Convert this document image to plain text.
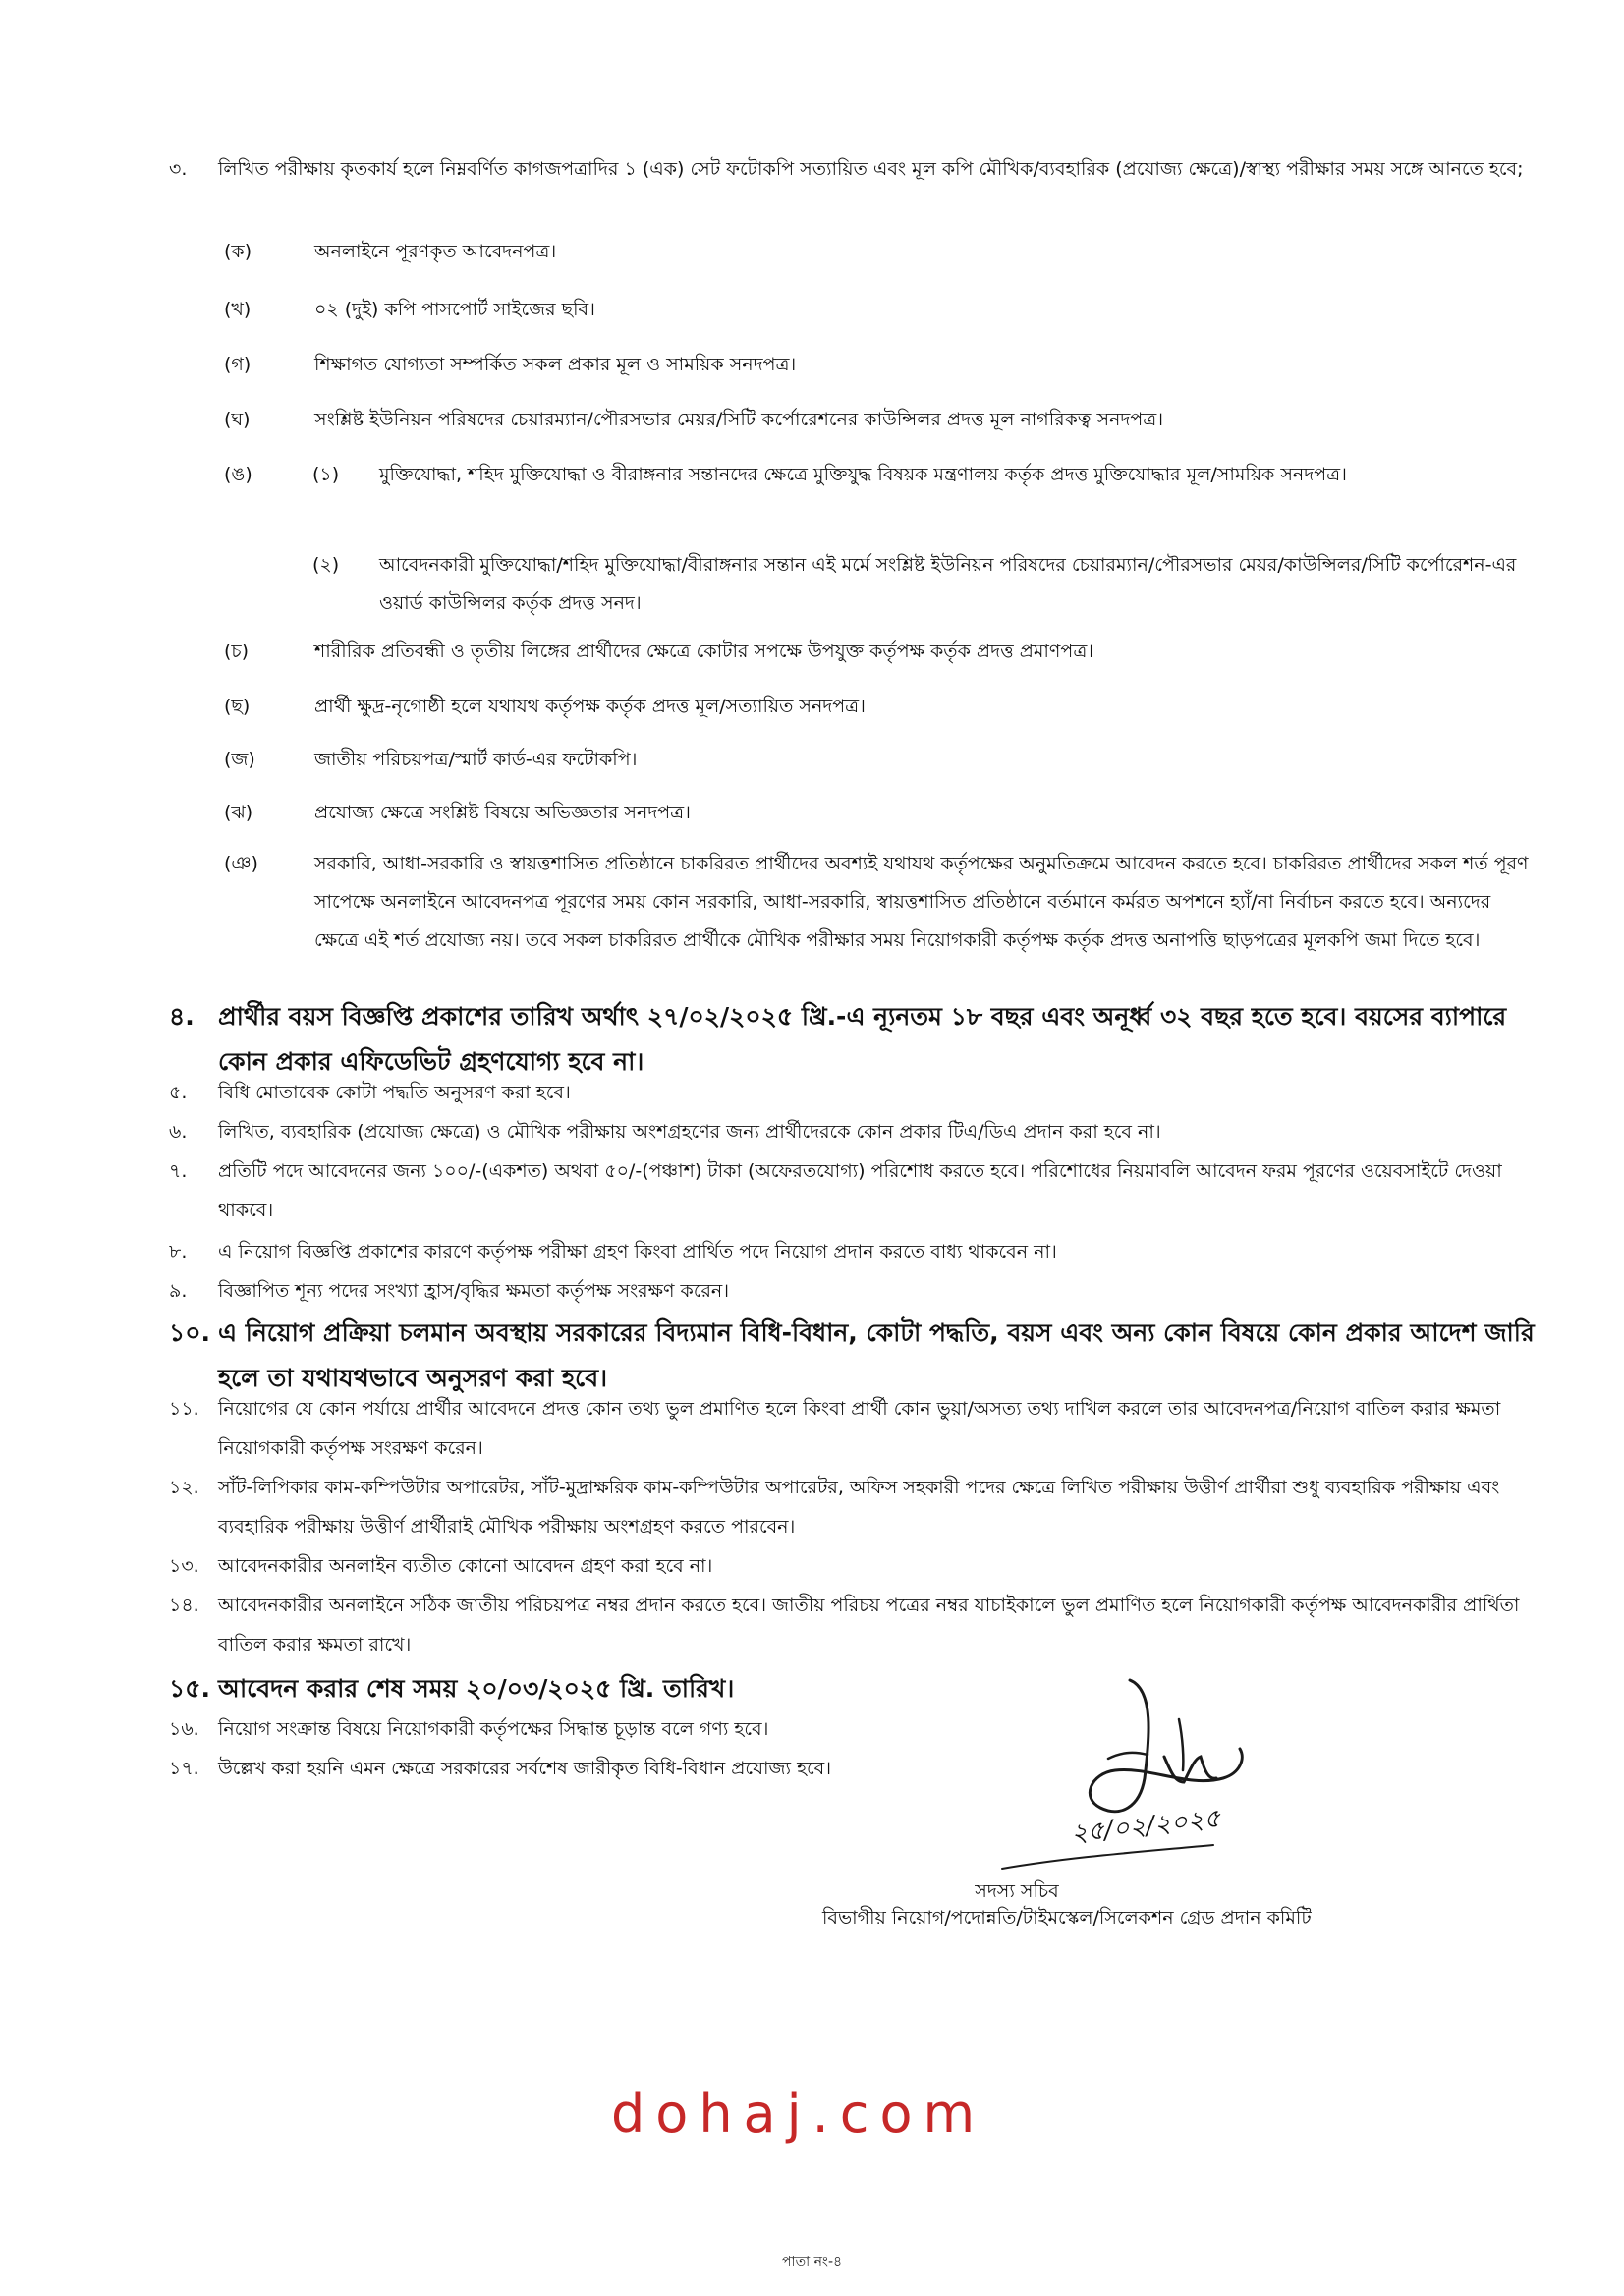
৩. লিখিত পরীক্ষায় কৃতকার্য হলে নিম্নবর্ণিত কাগজপত্রাদির ১ (এক) সেট ফটোকপি সত্যায়িত এবং মূল কপি মৌখিক/ব্যবহারিক (প্রযোজ্য ক্ষেত্রে)/স্বাস্থ্য পরীক্ষার সময় সঙ্গে আনতে হবে;
(ক)	অনলাইনে পূরণকৃত আবেদনপত্র।
(খ)	০২ (দুই) কপি পাসপোর্ট সাইজের ছবি।
(গ)	শিক্ষাগত যোগ্যতা সম্পর্কিত সকল প্রকার মূল ও সাময়িক সনদপত্র।
(ঘ)	সংশ্লিষ্ট ইউনিয়ন পরিষদের চেয়ারম্যান/পৌরসভার মেয়র/সিটি কর্পোরেশনের কাউন্সিলর প্রদত্ত মূল নাগরিকত্ব সনদপত্র।
(ঙ)	(১) মুক্তিযোদ্ধা, শহিদ মুক্তিযোদ্ধা ও বীরাঙ্গনার সন্তানদের ক্ষেত্রে মুক্তিযুদ্ধ বিষয়ক মন্ত্রণালয় কর্তৃক প্রদত্ত মুক্তিযোদ্ধার মূল/সাময়িক সনদপত্র।
(২) আবেদনকারী মুক্তিযোদ্ধা/শহিদ মুক্তিযোদ্ধা/বীরাঙ্গনার সন্তান এই মর্মে সংশ্লিষ্ট ইউনিয়ন পরিষদের চেয়ারম্যান/পৌরসভার মেয়র/কাউন্সিলর/সিটি কর্পোরেশন-এর ওয়ার্ড কাউন্সিলর কর্তৃক প্রদত্ত সনদ।
(চ)	শারীরিক প্রতিবন্ধী ও তৃতীয় লিঙ্গের প্রার্থীদের ক্ষেত্রে কোটার সপক্ষে উপযুক্ত কর্তৃপক্ষ কর্তৃক প্রদত্ত প্রমাণপত্র।
(ছ)	প্রার্থী ক্ষুদ্র-নৃগোষ্ঠী হলে যথাযথ কর্তৃপক্ষ কর্তৃক প্রদত্ত মূল/সত্যায়িত সনদপত্র।
(জ)	জাতীয় পরিচয়পত্র/স্মার্ট কার্ড-এর ফটোকপি।
(ঝ)	প্রযোজ্য ক্ষেত্রে সংশ্লিষ্ট বিষয়ে অভিজ্ঞতার সনদপত্র।
(ঞ)	সরকারি, আধা-সরকারি ও স্বায়ত্তশাসিত প্রতিষ্ঠানে চাকরিরত প্রার্থীদের অবশ্যই যথাযথ কর্তৃপক্ষের অনুমতিক্রমে আবেদন করতে হবে। চাকরিরত প্রার্থীদের সকল শর্ত পূরণ সাপেক্ষে অনলাইনে আবেদনপত্র পূরণের সময় কোন সরকারি, আধা-সরকারি, স্বায়ত্তশাসিত প্রতিষ্ঠানে বর্তমানে কর্মরত অপশনে হ্যাঁ/না নির্বাচন করতে হবে। অন্যদের ক্ষেত্রে এই শর্ত প্রযোজ্য নয়। তবে সকল চাকরিরত প্রার্থীকে মৌখিক পরীক্ষার সময় নিয়োগকারী কর্তৃপক্ষ কর্তৃক প্রদত্ত অনাপত্তি ছাড়পত্রের মূলকপি জমা দিতে হবে।
৪. প্রার্থীর বয়স বিজ্ঞপ্তি প্রকাশের তারিখ অর্থাৎ ২৭/০২/২০২৫ খ্রি.-এ ন্যূনতম ১৮ বছর এবং অনূর্ধ্ব ৩২ বছর হতে হবে। বয়সের ব্যাপারে কোন প্রকার এফিডেভিট গ্রহণযোগ্য হবে না।
৫. বিধি মোতাবেক কোটা পদ্ধতি অনুসরণ করা হবে।
৬. লিখিত, ব্যবহারিক (প্রযোজ্য ক্ষেত্রে) ও মৌখিক পরীক্ষায় অংশগ্রহণের জন্য প্রার্থীদেরকে কোন প্রকার টিএ/ডিএ প্রদান করা হবে না।
৭. প্রতিটি পদে আবেদনের জন্য ১০০/-(একশত) অথবা ৫০/-(পঞ্চাশ) টাকা (অফেরতযোগ্য) পরিশোধ করতে হবে। পরিশোধের নিয়মাবলি আবেদন ফরম পূরণের ওয়েবসাইটে দেওয়া থাকবে।
৮. এ নিয়োগ বিজ্ঞপ্তি প্রকাশের কারণে কর্তৃপক্ষ পরীক্ষা গ্রহণ কিংবা প্রার্থিত পদে নিয়োগ প্রদান করতে বাধ্য থাকবেন না।
৯. বিজ্ঞাপিত শূন্য পদের সংখ্যা হ্রাস/বৃদ্ধির ক্ষমতা কর্তৃপক্ষ সংরক্ষণ করেন।
১০. এ নিয়োগ প্রক্রিয়া চলমান অবস্থায় সরকারের বিদ্যমান বিধি-বিধান, কোটা পদ্ধতি, বয়স এবং অন্য কোন বিষয়ে কোন প্রকার আদেশ জারি হলে তা যথাযথভাবে অনুসরণ করা হবে।
১১. নিয়োগের যে কোন পর্যায়ে প্রার্থীর আবেদনে প্রদত্ত কোন তথ্য ভুল প্রমাণিত হলে কিংবা প্রার্থী কোন ভুয়া/অসত্য তথ্য দাখিল করলে তার আবেদনপত্র/নিয়োগ বাতিল করার ক্ষমতা নিয়োগকারী কর্তৃপক্ষ সংরক্ষণ করেন।
১২. সাঁট-লিপিকার কাম-কম্পিউটার অপারেটর, সাঁট-মুদ্রাক্ষরিক কাম-কম্পিউটার অপারেটর, অফিস সহকারী পদের ক্ষেত্রে লিখিত পরীক্ষায় উত্তীর্ণ প্রার্থীরা শুধু ব্যবহারিক পরীক্ষায় এবং ব্যবহারিক পরীক্ষায় উত্তীর্ণ প্রার্থীরাই মৌখিক পরীক্ষায় অংশগ্রহণ করতে পারবেন।
১৩. আবেদনকারীর অনলাইন ব্যতীত কোনো আবেদন গ্রহণ করা হবে না।
১৪. আবেদনকারীর অনলাইনে সঠিক জাতীয় পরিচয়পত্র নম্বর প্রদান করতে হবে। জাতীয় পরিচয় পত্রের নম্বর যাচাইকালে ভুল প্রমাণিত হলে নিয়োগকারী কর্তৃপক্ষ আবেদনকারীর প্রার্থিতা বাতিল করার ক্ষমতা রাখে।
১৫. আবেদন করার শেষ সময় ২০/০৩/২০২৫ খ্রি. তারিখ।
১৬. নিয়োগ সংক্রান্ত বিষয়ে নিয়োগকারী কর্তৃপক্ষের সিদ্ধান্ত চূড়ান্ত বলে গণ্য হবে।
১৭. উল্লেখ করা হয়নি এমন ক্ষেত্রে সরকারের সর্বশেষ জারীকৃত বিধি-বিধান প্রযোজ্য হবে।
২৫/০২/২০২৫
সদস্য সচিব
বিভাগীয় নিয়োগ/পদোন্নতি/টাইমস্কেল/সিলেকশন গ্রেড প্রদান কমিটি
dohaj.com
পাতা নং-৪
